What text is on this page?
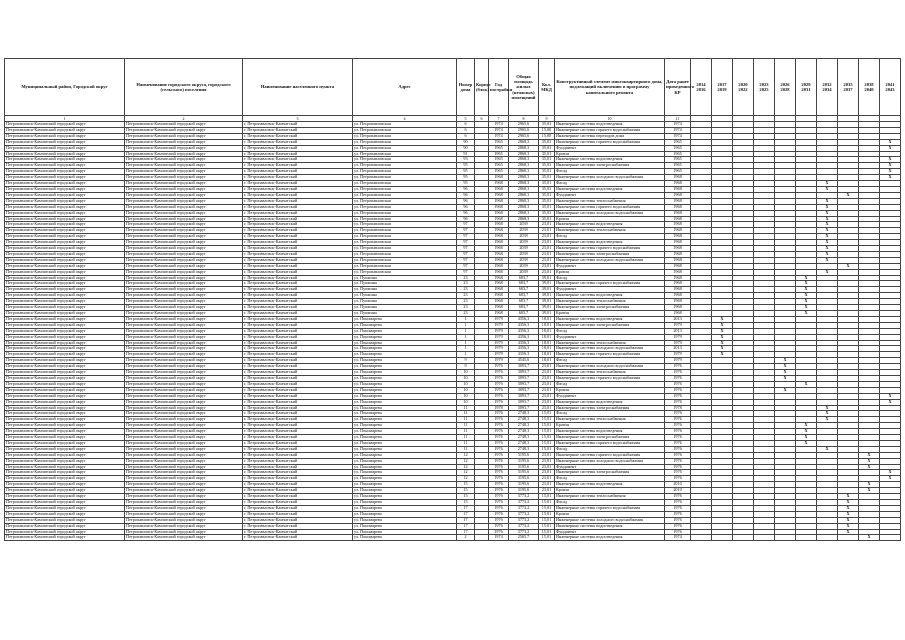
Муниципальный район, Городской округ	Наименование городского округа, городского (сельского) поселения	Наименование населенного пункта	Адрес	Номер дома	Корпус (блок)	Год постройки	Общая площадь жилых (нежилых) помещений	Кол. МКД	Конструктивный элемент многоквартирного дома, подлежащий включению в программу капитального ремонта	Дата ранее проведенного КР	2014 2016	2017 2019	2020 2022	2023 2025	2026 2028	2029 2031	2032 2034	2035 2037	2038 2040	2041 2043
1	2	3	4	5	6	7	8	9	10	11										
Петропавловск-Камчатский городской округ	Петропавловск-Камчатский городской округ	г. Петропавловск-Камчатский	ул. Петропавловская	6		1974	2965,6	35,01	Инженерные системы водоотведения	1974										
Петропавловск-Камчатский городской округ	Петропавловск-Камчатский городской округ	г. Петропавловск-Камчатский	ул. Петропавловская	6		1974	2965,6	15,00	Инженерные системы горячего водоснабжения	1974										
Петропавловск-Камчатский городской округ	Петропавловск-Камчатский городской округ	г. Петропавловск-Камчатский	ул. Петропавловская	6		1974	2965,6	15,00	Инженерные системы переходов дома	1974										
Петропавловск-Камчатский городской округ	Петропавловск-Камчатский городской округ	г. Петропавловск-Камчатский	ул. Петропавловская	90		1965	2868,3	35,01	Инженерные системы горячего водоснабжения	1965										X
Петропавловск-Камчатский городской округ	Петропавловск-Камчатский городской округ	г. Петропавловск-Камчатский	ул. Петропавловская	90		1965	2868,3	35,01	Фундамент	1965										X
Петропавловск-Камчатский городской округ	Петропавловск-Камчатский городской округ	г. Петропавловск-Камчатский	ул. Петропавловская	91		1965	2868,3	35,01	Кровля	1965										
Петропавловск-Камчатский городской округ	Петропавловск-Камчатский городской округ	г. Петропавловск-Камчатский	ул. Петропавловская	93		1965	2868,3	35,01	Инженерные системы водоотведения	1965										X
Петропавловск-Камчатский городской округ	Петропавловск-Камчатский городской округ	г. Петропавловск-Камчатский	ул. Петропавловская	95		1965	2868,3	35,01	Инженерные системы электроснабжения	1965										X
Петропавловск-Камчатский городской округ	Петропавловск-Камчатский городской округ	г. Петропавловск-Камчатский	ул. Петропавловская	95		1965	2868,3	35,01	Фасад	1965										X
Петропавловск-Камчатский городской округ	Петропавловск-Камчатский городской округ	г. Петропавловск-Камчатский	ул. Петропавловская	95		1968	2868,3	35,01	Инженерные системы холодного водоснабжения	1968										X
Петропавловск-Камчатский городской округ	Петропавловск-Камчатский городской округ	г. Петропавловск-Камчатский	ул. Петропавловская	95		1968	2868,3	35,01	Фасад	1968							X			
Петропавловск-Камчатский городской округ	Петропавловск-Камчатский городской округ	г. Петропавловск-Камчатский	ул. Петропавловская	96		1968	2868,3	35,01	Инженерные системы водоотведения	1968							X			
Петропавловск-Камчатский городской округ	Петропавловск-Камчатский городской округ	г. Петропавловск-Камчатский	ул. Петропавловская	96		1968	2868,3	35,01	Фундамент	1968								X		
Петропавловск-Камчатский городской округ	Петропавловск-Камчатский городской округ	г. Петропавловск-Камчатский	ул. Петропавловская	96		1968	2868,3	35,01	Инженерные системы теплоснабжения	1968							X			
Петропавловск-Камчатский городской округ	Петропавловск-Камчатский городской округ	г. Петропавловск-Камчатский	ул. Петропавловская	96		1968	2868,3	35,01	Инженерные системы горячего водоснабжения	1968							X			
Петропавловск-Камчатский городской округ	Петропавловск-Камчатский городской округ	г. Петропавловск-Камчатский	ул. Петропавловская	96		1968	2868,3	35,01	Инженерные системы холодного водоснабжения	1968							X			
Петропавловск-Камчатский городской округ	Петропавловск-Камчатский городской округ	г. Петропавловск-Камчатский	ул. Петропавловская	96		1968	2868,3	35,01	Кровля	1968							X			
Петропавловск-Камчатский городской округ	Петропавловск-Камчатский городской округ	г. Петропавловск-Камчатский	ул. Петропавловская	97		1968	2039	23,01	Инженерные системы водоотведения	1968							X			
Петропавловск-Камчатский городской округ	Петропавловск-Камчатский городской округ	г. Петропавловск-Камчатский	ул. Петропавловская	97		1968	2039	23,01	Инженерные системы теплоснабжения	1968							X			
Петропавловск-Камчатский городской округ	Петропавловск-Камчатский городской округ	г. Петропавловск-Камчатский	ул. Петропавловская	97		1968	2039	23,01	Фасад	1968							X			
Петропавловск-Камчатский городской округ	Петропавловск-Камчатский городской округ	г. Петропавловск-Камчатский	ул. Петропавловская	97		1968	2039	23,01	Инженерные системы водоотведения	1968							X			
Петропавловск-Камчатский городской округ	Петропавловск-Камчатский городской округ	г. Петропавловск-Камчатский	ул. Петропавловская	97		1968	2039	23,01	Инженерные системы горячего водоснабжения	1968							X			
Петропавловск-Камчатский городской округ	Петропавловск-Камчатский городской округ	г. Петропавловск-Камчатский	ул. Петропавловская	97		1968	2039	23,01	Инженерные системы электроснабжения	1968							X			
Петропавловск-Камчатский городской округ	Петропавловск-Камчатский городской округ	г. Петропавловск-Камчатский	ул. Петропавловская	97		1968	2039	23,01	Инженерные системы холодного водоснабжения	1968							X			
Петропавловск-Камчатский городской округ	Петропавловск-Камчатский городской округ	г. Петропавловск-Камчатский	ул. Петропавловская	97		1968	2039	23,01	Фундамент	1968								X		
Петропавловск-Камчатский городской округ	Петропавловск-Камчатский городской округ	г. Петропавловск-Камчатский	ул. Петропавловская	97		1968	2039	23,01	Кровля	1968							X			
Петропавловск-Камчатский городской округ	Петропавловск-Камчатский городской округ	г. Петропавловск-Камчатский	ул. Пушкина	23		1968	683,7	39,01	Фасад	1968						X				
Петропавловск-Камчатский городской округ	Петропавловск-Камчатский городской округ	г. Петропавловск-Камчатский	ул. Пушкина	23		1968	683,7	39,01	Инженерные системы горячего водоснабжения	1968						X				
Петропавловск-Камчатский городской округ	Петропавловск-Камчатский городской округ	г. Петропавловск-Камчатский	ул. Пушкина	23		1968	683,7	39,01	Фундамент	1968						X				
Петропавловск-Камчатский городской округ	Петропавловск-Камчатский городской округ	г. Петропавловск-Камчатский	ул. Пушкина	23		1968	683,7	39,01	Инженерные системы водоотведения	1968						X				
Петропавловск-Камчатский городской округ	Петропавловск-Камчатский городской округ	г. Петропавловск-Камчатский	ул. Пушкина	23		1968	683,7	39,01	Инженерные системы теплоснабжения	1968						X				
Петропавловск-Камчатский городской округ	Петропавловск-Камчатский городской округ	г. Петропавловск-Камчатский	ул. Пушкина	23		1968	683,7	39,01	Инженерные системы электроснабжения	1968						X				
Петропавловск-Камчатский городской округ	Петропавловск-Камчатский городской округ	г. Петропавловск-Камчатский	ул. Пушкина	23		1968	683,7	39,01	Кровля	1968						X				
Петропавловск-Камчатский городской округ	Петропавловск-Камчатский городской округ	г. Петропавловск-Камчатский	ул. Пономарева	1		1979	4356,3	18,01	Инженерные системы водоотведения	2013		X								
Петропавловск-Камчатский городской округ	Петропавловск-Камчатский городской округ	г. Петропавловск-Камчатский	ул. Пономарева	1		1979	4356,3	18,01	Инженерные системы электроснабжения	1979		X								
Петропавловск-Камчатский городской округ	Петропавловск-Камчатский городской округ	г. Петропавловск-Камчатский	ул. Пономарева	1		1979	4356,3	18,01	Фасад	2013		X								
Петропавловск-Камчатский городской округ	Петропавловск-Камчатский городской округ	г. Петропавловск-Камчатский	ул. Пономарева	1		1979	4356,3	18,01	Фундамент	1979		X								
Петропавловск-Камчатский городской округ	Петропавловск-Камчатский городской округ	г. Петропавловск-Камчатский	ул. Пономарева	1		1979	4356,3	18,01	Инженерные системы теплоснабжения	1979		X								
Петропавловск-Камчатский городской округ	Петропавловск-Камчатский городской округ	г. Петропавловск-Камчатский	ул. Пономарева	1		1979	4356,3	18,01	Инженерные системы холодного водоснабжения	2013		X								
Петропавловск-Камчатский городской округ	Петропавловск-Камчатский городской округ	г. Петропавловск-Камчатский	ул. Пономарева	1		1979	4356,3	18,01	Инженерные системы горячего водоснабжения	1979		X								
Петропавловск-Камчатский городской округ	Петропавловск-Камчатский городской округ	г. Петропавловск-Камчатский	ул. Пономарева	9		1979	4545,6	18,01	Фасад	1979					X					
Петропавловск-Камчатский городской округ	Петропавловск-Камчатский городской округ	г. Петропавловск-Камчатский	ул. Пономарева	9		1976	3093,7	23,01	Инженерные системы холодного водоснабжения	1976					X					
Петропавловск-Камчатский городской округ	Петропавловск-Камчатский городской округ	г. Петропавловск-Камчатский	ул. Пономарева	10		1976	3093,7	23,01	Инженерные системы теплоснабжения	1976					X					
Петропавловск-Камчатский городской округ	Петропавловск-Камчатский городской округ	г. Петропавловск-Камчатский	ул. Пономарева	10		1976	3093,7	23,01	Инженерные системы горячего водоснабжения	1976					X					
Петропавловск-Камчатский городской округ	Петропавловск-Камчатский городской округ	г. Петропавловск-Камчатский	ул. Пономарева	10		1976	3093,7	23,01	Фасад	1976						X				
Петропавловск-Камчатский городской округ	Петропавловск-Камчатский городской округ	г. Петропавловск-Камчатский	ул. Пономарева	10		1976	3093,7	23,01	Кровля	1976					X					
Петропавловск-Камчатский городской округ	Петропавловск-Камчатский городской округ	г. Петропавловск-Камчатский	ул. Пономарева	10		1976	3093,7	23,01	Фундамент	1976										X
Петропавловск-Камчатский городской округ	Петропавловск-Камчатский городской округ	г. Петропавловск-Камчатский	ул. Пономарева	10		1976	3093,7	23,01	Инженерные системы водоотведения	1976										X
Петропавловск-Камчатский городской округ	Петропавловск-Камчатский городской округ	г. Петропавловск-Камчатский	ул. Пономарева	11		1978	3093,7	23,01	Инженерные системы электроснабжения	1978							X			
Петропавловск-Камчатский городской округ	Петропавловск-Камчатский городской округ	г. Петропавловск-Камчатский	ул. Пономарева	11		1976	2748,3	15,01	Фасад	1976							X			
Петропавловск-Камчатский городской округ	Петропавловск-Камчатский городской округ	г. Петропавловск-Камчатский	ул. Пономарева	11		1976	2748,3	15,01	Инженерные системы теплоснабжения	1976							X			
Петропавловск-Камчатский городской округ	Петропавловск-Камчатский городской округ	г. Петропавловск-Камчатский	ул. Пономарева	11		1976	2748,3	15,01	Кровля	1976						X				
Петропавловск-Камчатский городской округ	Петропавловск-Камчатский городской округ	г. Петропавловск-Камчатский	ул. Пономарева	11		1976	2748,3	15,01	Инженерные системы водоотведения	1976						X				
Петропавловск-Камчатский городской округ	Петропавловск-Камчатский городской округ	г. Петропавловск-Камчатский	ул. Пономарева	11		1976	2748,3	15,01	Инженерные системы электроснабжения	1976						X				
Петропавловск-Камчатский городской округ	Петропавловск-Камчатский городской округ	г. Петропавловск-Камчатский	ул. Пономарева	11		1976	2748,3	15,01	Инженерные системы горячего водоснабжения	1976						X				
Петропавловск-Камчатский городской округ	Петропавловск-Камчатский городской округ	г. Петропавловск-Камчатский	ул. Пономарева	11		1976	2748,3	15,01	Фасад	1976							X			
Петропавловск-Камчатский городской округ	Петропавловск-Камчатский городской округ	г. Петропавловск-Камчатский	ул. Пономарева	12		1976	3195,6	23,01	Инженерные системы горячего водоснабжения	1976									X	
Петропавловск-Камчатский городской округ	Петропавловск-Камчатский городской округ	г. Петропавловск-Камчатский	ул. Пономарева	12		1976	3195,6	23,01	Инженерные системы холодного водоснабжения	1976									X	
Петропавловск-Камчатский городской округ	Петропавловск-Камчатский городской округ	г. Петропавловск-Камчатский	ул. Пономарева	12		1976	3195,6	23,01	Фундамент	1976									X	
Петропавловск-Камчатский городской округ	Петропавловск-Камчатский городской округ	г. Петропавловск-Камчатский	ул. Пономарева	12		1976	3195,6	23,01	Инженерные системы электроснабжения	1976										X
Петропавловск-Камчатский городской округ	Петропавловск-Камчатский городской округ	г. Петропавловск-Камчатский	ул. Пономарева	12		1976	3195,6	23,01	Фасад	1976										X
Петропавловск-Камчатский городской округ	Петропавловск-Камчатский городской округ	г. Петропавловск-Камчатский	ул. Пономарева	15		1976	3195,6	23,01	Инженерные системы водоотведения	2010									X	
Петропавловск-Камчатский городской округ	Петропавловск-Камчатский городской округ	г. Петропавловск-Камчатский	ул. Пономарева	15		1976	3195,6	23,01	Кровля	2010									X	
Петропавловск-Камчатский городской округ	Петропавловск-Камчатский городской округ	г. Петропавловск-Камчатский	ул. Пономарева	15		1976	3773,2	15,01	Инженерные системы теплоснабжения	1976								X		
Петропавловск-Камчатский городской округ	Петропавловск-Камчатский городской округ	г. Петропавловск-Камчатский	ул. Пономарева	15		1976	3773,2	15,01	Фасад	1976								X		
Петропавловск-Камчатский городской округ	Петропавловск-Камчатский городской округ	г. Петропавловск-Камчатский	ул. Пономарева	17		1976	3773,2	15,01	Инженерные системы горячего водоснабжения	1976								X		
Петропавловск-Камчатский городской округ	Петропавловск-Камчатский городской округ	г. Петропавловск-Камчатский	ул. Пономарева	17		1976	3773,2	15,01	Кровля	1976								X		
Петропавловск-Камчатский городской округ	Петропавловск-Камчатский городской округ	г. Петропавловск-Камчатский	ул. Пономарева	17		1976	3773,2	15,01	Инженерные системы холодного водоснабжения	1976								X		
Петропавловск-Камчатский городской округ	Петропавловск-Камчатский городской округ	г. Петропавловск-Камчатский	ул. Пономарева	17		1976	3773,2	15,01	Инженерные системы водоотведения	1976								X		
Петропавловск-Камчатский городской округ	Петропавловск-Камчатский городской округ	г. Петропавловск-Камчатский	ул. Пономарева	17		1976	3773,2	15,01	Фундамент	1976								X		
Петропавловск-Камчатский городской округ	Петропавловск-Камчатский городской округ	г. Петропавловск-Камчатский	ул. Пономарева	2		1974	2565,7	15,01	Инженерные системы водоотведения	1974									X	
